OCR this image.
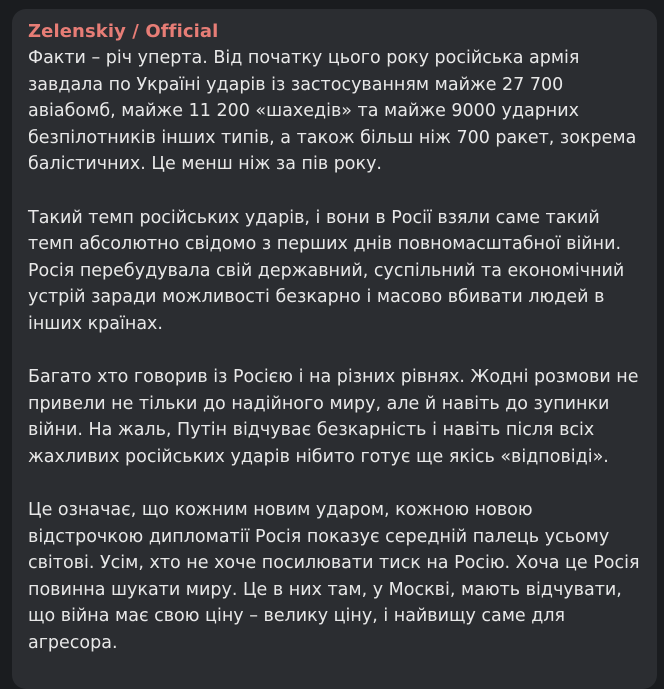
Zelenskiy / Official

Факти – річ уперта. Від початку цього року російська армія
завдала по Україні ударів із застосуванням майже 27 700
авіабомб, майже 11 200 «шахедів» та майже 9000 ударних
безпілотників інших типів, а також більш ніж 700 ракет, зокрема
балістичних. Це менш ніж за пів року.

Такий темп російських ударів, і вони в Росії взяли саме такий
темп абсолютно свідомо з перших днів повномасштабної війни.
Росія перебудувала свій державний, суспільний та економічний
устрій заради можливості безкарно і масово вбивати людей в
інших країнах.

Багато хто говорив із Росією і на різних рівнях. Жодні розмови не
привели не тільки до надійного миру, але й навіть до зупинки
війни. На жаль, Путін відчуває безкарність і навіть після всіх
жахливих російських ударів нібито готує ще якісь «відповіді».

Це означає, що кожним новим ударом, кожною новою
відстрочкою дипломатії Росія показує середній палець усьому
світові. Усім, хто не хоче посилювати тиск на Росію. Хоча це Росія
повинна шукати миру. Це в них там, у Москві, мають відчувати,
що війна має свою ціну – велику ціну, і найвищу саме для
агресора.
